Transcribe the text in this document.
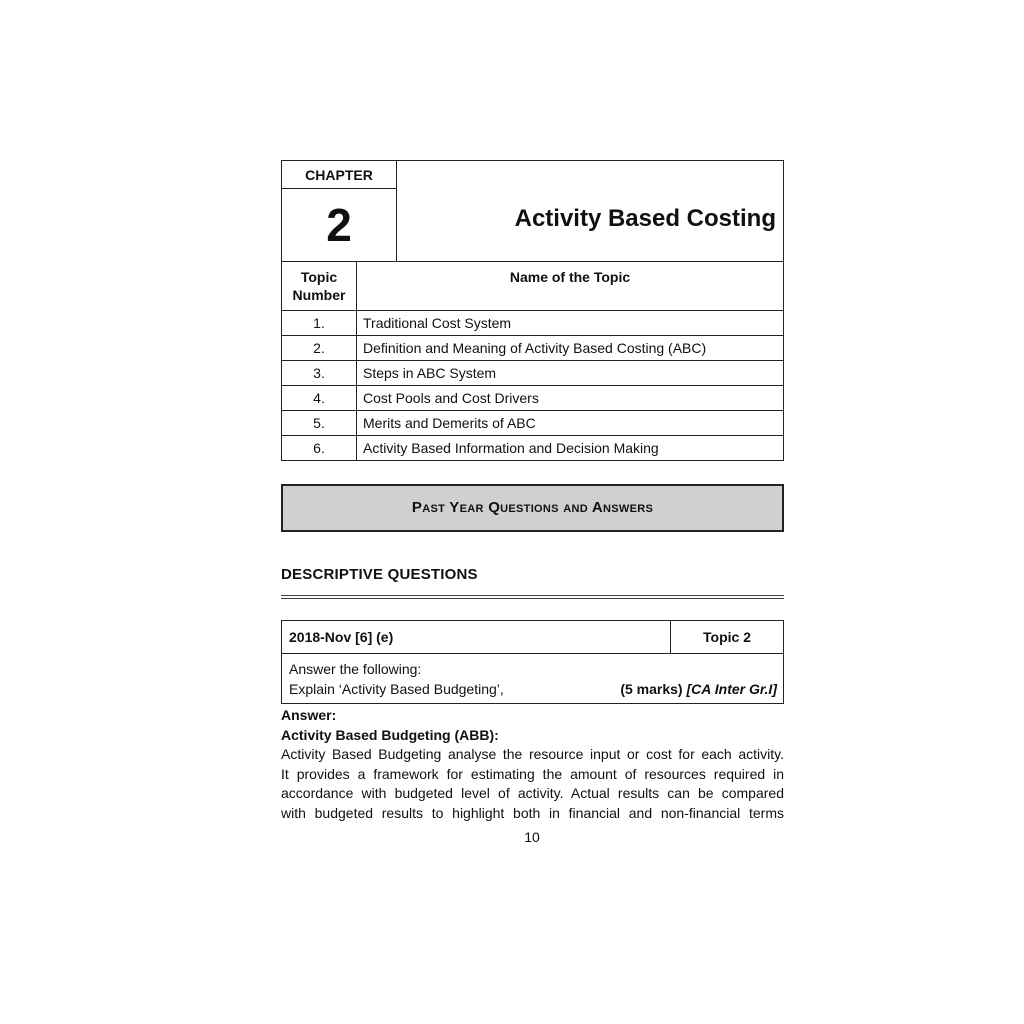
CHAPTER
2	Activity Based Costing
Topic Number	Name of the Topic
1.	Traditional Cost System
2.	Definition and Meaning of Activity Based Costing (ABC)
3.	Steps in ABC System
4.	Cost Pools and Cost Drivers
5.	Merits and Demerits of ABC
6.	Activity Based Information and Decision Making
Past Year Questions and Answers
DESCRIPTIVE QUESTIONS
2018-Nov [6] (e)	Topic 2
Answer the following:
Explain ‘Activity Based Budgeting’,	(5 marks) [CA Inter Gr.I]
Answer:
Activity Based Budgeting (ABB):
Activity Based Budgeting analyse the resource input or cost for each activity.
It provides a framework for estimating the amount of resources required in
accordance with budgeted level of activity. Actual results can be compared
with budgeted results to highlight both in financial and non-financial terms
10
